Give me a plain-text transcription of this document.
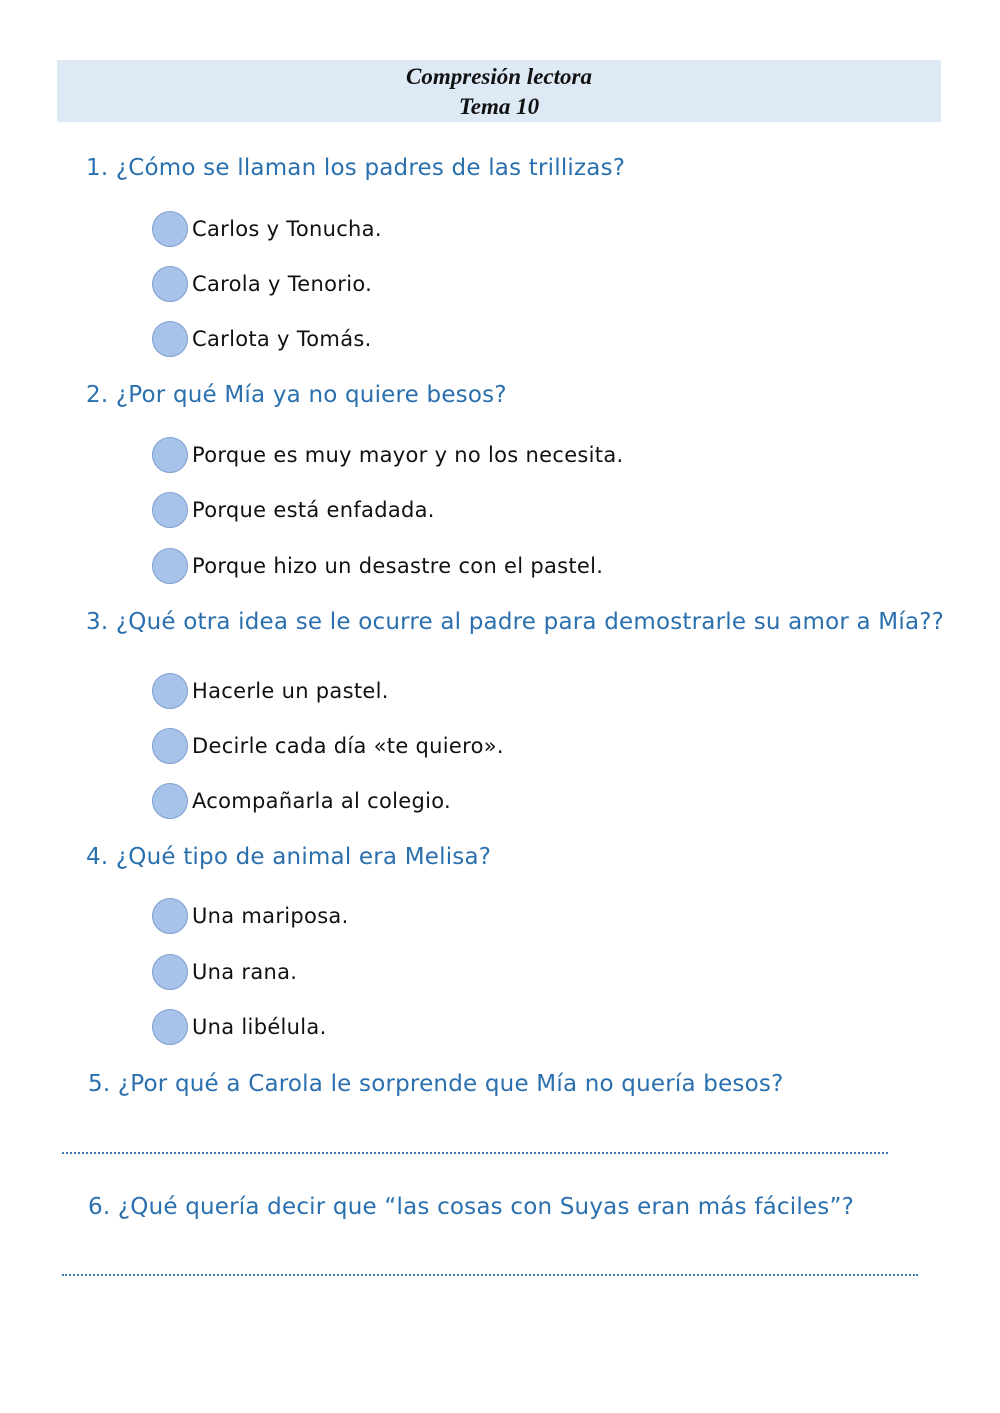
Compresión lectora
Tema 10
1. ¿Cómo se llaman los padres de las trillizas?
Carlos y Tonucha.
Carola y Tenorio.
Carlota y Tomás.
2. ¿Por qué Mía ya no quiere besos?
Porque es muy mayor y no los necesita.
Porque está enfadada.
Porque hizo un desastre con el pastel.
3. ¿Qué otra idea se le ocurre al padre para demostrarle su amor a Mía??
Hacerle un pastel.
Decirle cada día «te quiero».
Acompañarla al colegio.
4. ¿Qué tipo de animal era Melisa?
Una mariposa.
Una rana.
Una libélula.
5. ¿Por qué a Carola le sorprende que Mía no quería besos?
6. ¿Qué quería decir que “las cosas con Suyas eran más fáciles”?
